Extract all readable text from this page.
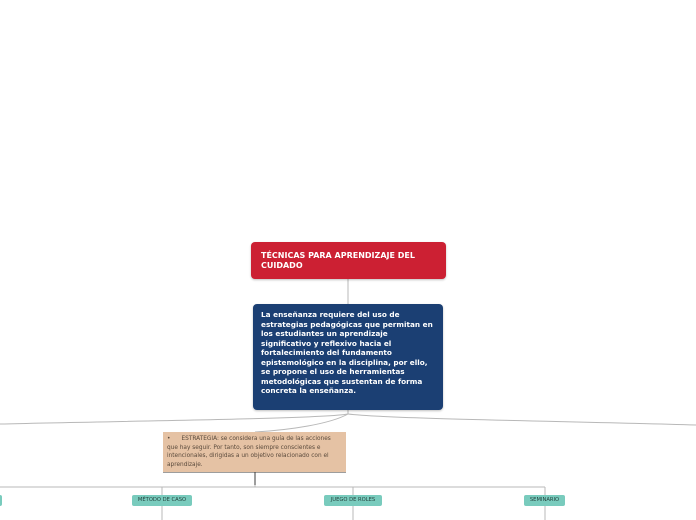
TÉCNICAS PARA APRENDIZAJE DEL CUIDADO
La enseñanza requiere del uso de estrategias pedagógicas que permitan en los estudiantes un aprendizaje significativo y reflexivo hacia el fortalecimiento del fundamento epistemológico en la disciplina, por ello, se propone el uso de herramientas metodológicas que sustentan de forma concreta la enseñanza.
• ESTRATEGIA: se considera una guía de las acciones que hay seguir. Por tanto, son siempre conscientes e intencionales, dirigidas a un objetivo relacionado con el aprendizaje.
MÉTODO DE CASO	JUEGO DE ROLES	SEMINARIO
